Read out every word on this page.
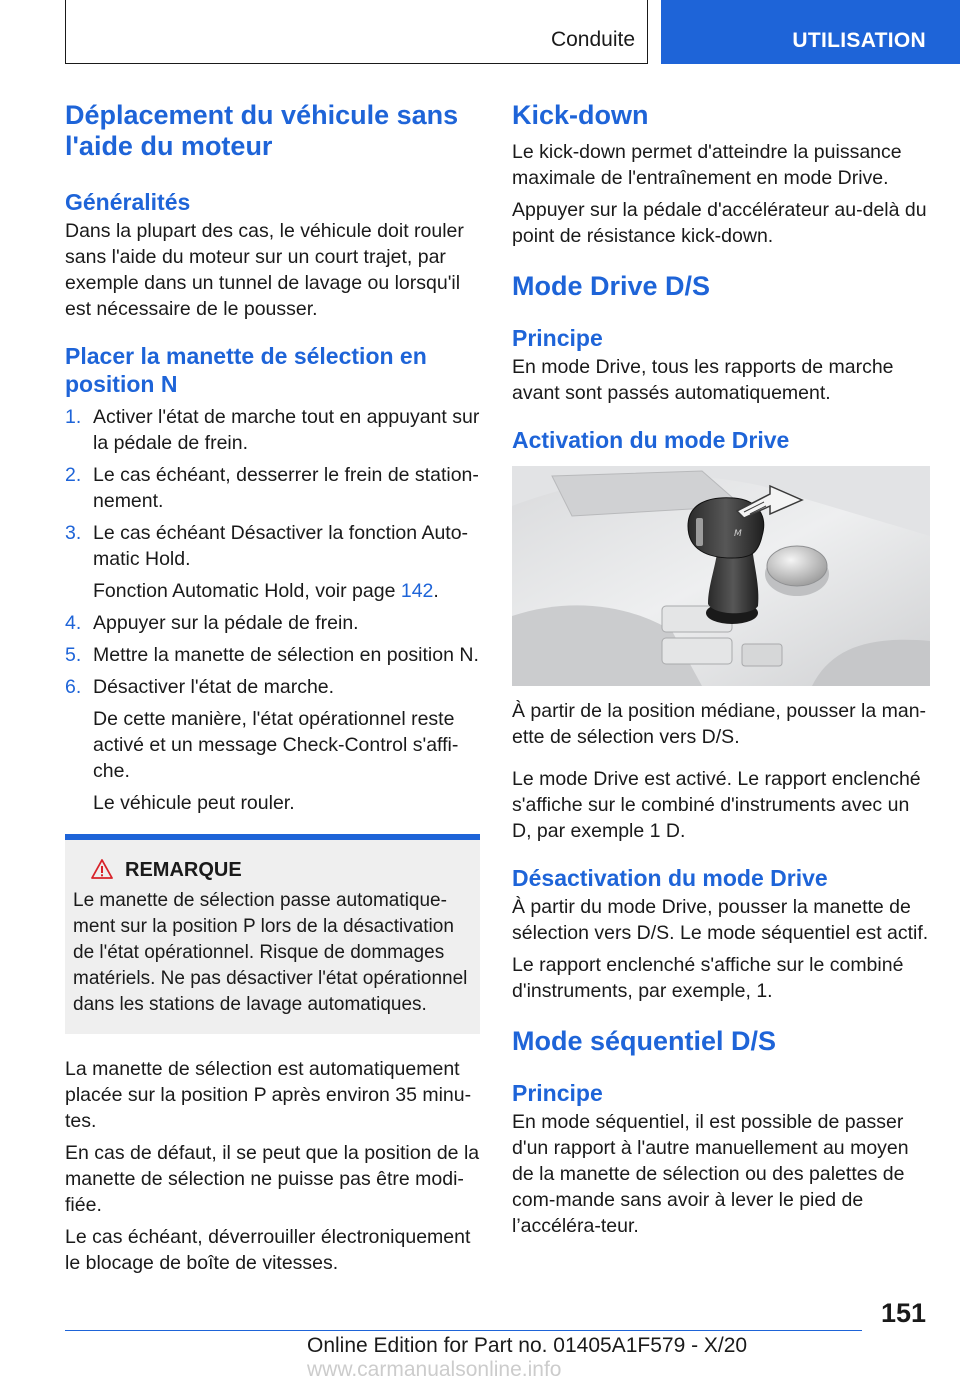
Conduite	UTILISATION
Déplacement du véhicule sans l'aide du moteur
Généralités

Dans la plupart des cas, le véhicule doit rouler sans l'aide du moteur sur un court trajet, par exemple dans un tunnel de lavage ou lorsqu'il est nécessaire de le pousser.

Placer la manette de sélection en position N
1. Activer l'état de marche tout en appuyant sur la pédale de frein.
2. Le cas échéant, desserrer le frein de station‐nement.
3. Le cas échéant Désactiver la fonction Auto‐matic Hold.
Fonction Automatic Hold, voir page 142.
4. Appuyer sur la pédale de frein.
5. Mettre la manette de sélection en position N.
6. Désactiver l'état de marche.
De cette manière, l'état opérationnel reste activé et un message Check-Control s'affi‐che.
Le véhicule peut rouler.
REMARQUE

Le manette de sélection passe automatique‐ment sur la position P lors de la désactivation de l'état opérationnel. Risque de dommages matériels. Ne pas désactiver l'état opérationnel dans les stations de lavage automatiques.

La manette de sélection est automatiquement placée sur la position P après environ 35 minu‐tes.

En cas de défaut, il se peut que la position de la manette de sélection ne puisse pas être modi‐fiée.

Le cas échéant, déverrouiller électroniquement le blocage de boîte de vitesses.

Kick-down

Le kick-down permet d'atteindre la puissance maximale de l'entraînement en mode Drive.

Appuyer sur la pédale d'accélérateur au-delà du point de résistance kick-down.

Mode Drive D/S
Principe

En mode Drive, tous les rapports de marche avant sont passés automatiquement.

Activation du mode Drive
M

À partir de la position médiane, pousser la man‐ette de sélection vers D/S.

Le mode Drive est activé. Le rapport enclenché s'affiche sur le combiné d'instruments avec un D, par exemple 1 D.

Désactivation du mode Drive

À partir du mode Drive, pousser la manette de sélection vers D/S. Le mode séquentiel est actif.

Le rapport enclenché s'affiche sur le combiné d'instruments, par exemple, 1.

Mode séquentiel D/S
Principe

En mode séquentiel, il est possible de passer d'un rapport à l'autre manuellement au moyen de la manette de sélection ou des palettes de com‐mande sans avoir à lever le pied de l’accéléra‐teur.

151
Online Edition for Part no. 01405A1F579 - X/20 www.carmanualsonline.info
